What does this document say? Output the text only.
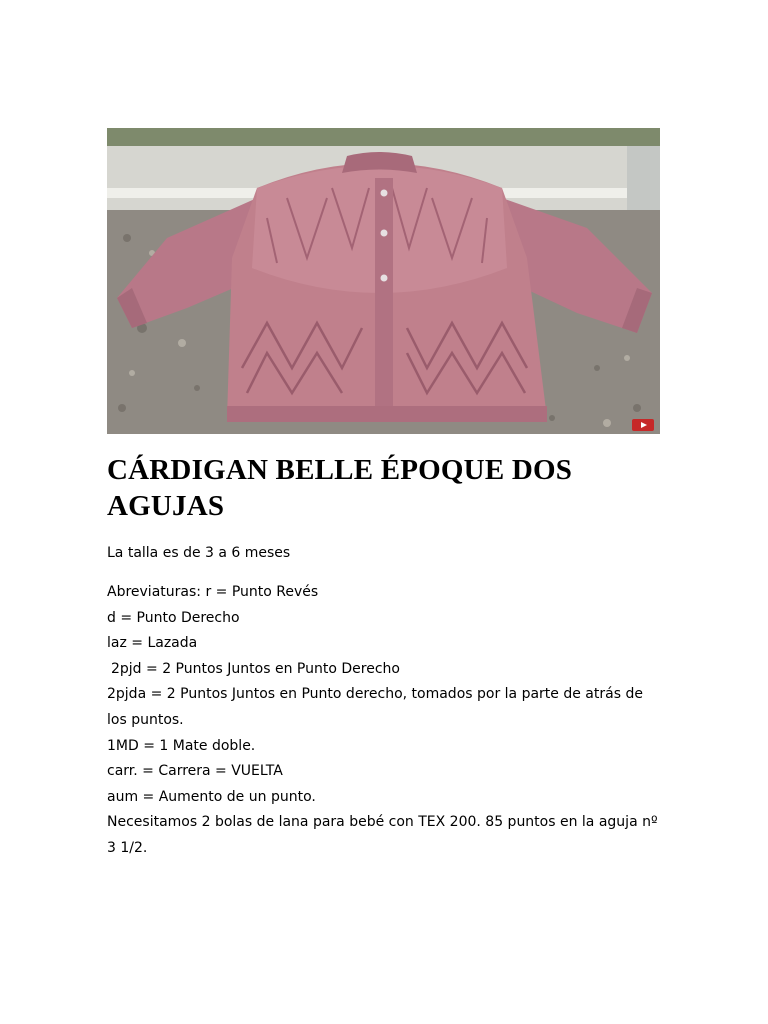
CÁRDIGAN BELLE ÉPOQUE DOS AGUJAS

La talla es de 3 a 6 meses

Abreviaturas: r = Punto Revés
d = Punto Derecho
laz = Lazada
2pjd = 2 Puntos Juntos en Punto Derecho
2pjda = 2 Puntos Juntos en Punto derecho, tomados por la parte de atrás de los puntos.
1MD = 1 Mate doble.
carr. = Carrera = VUELTA
aum = Aumento de un punto.
Necesitamos 2 bolas de lana para bebé con TEX 200. 85 puntos en la aguja nº 3 1/2.
